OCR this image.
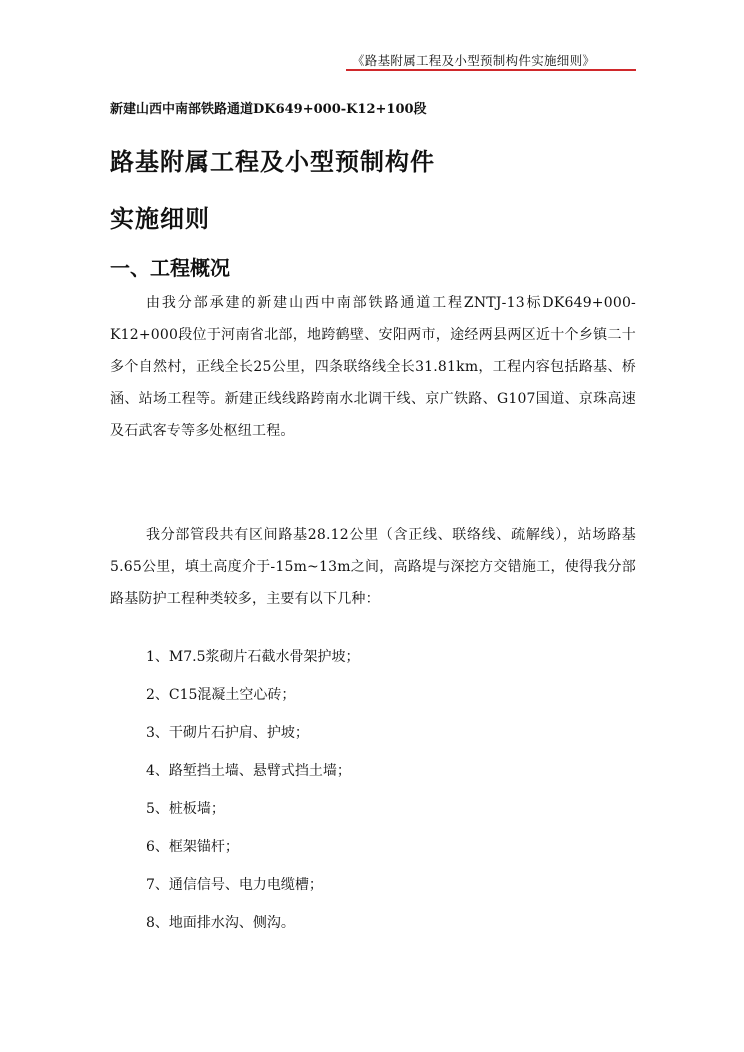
《路基附属工程及小型预制构件实施细则》
新建山西中南部铁路通道DK649+000-K12+100段
路基附属工程及小型预制构件
实施细则
一、工程概况

由我分部承建的新建山西中南部铁路通道工程ZNTJ-13标DK649+000-K12+000段位于河南省北部，地跨鹤壁、安阳两市，途经两县两区近十个乡镇二十多个自然村，正线全长25公里，四条联络线全长31.81km，工程内容包括路基、桥涵、站场工程等。新建正线线路跨南水北调干线、京广铁路、G107国道、京珠高速及石武客专等多处枢纽工程。

我分部管段共有区间路基28.12公里（含正线、联络线、疏解线），站场路基5.65公里，填土高度介于-15m~13m之间，高路堤与深挖方交错施工，使得我分部路基防护工程种类较多，主要有以下几种：

1、M7.5浆砌片石截水骨架护坡；
2、C15混凝土空心砖；
3、干砌片石护肩、护坡；
4、路堑挡土墙、悬臂式挡土墙；
5、桩板墙；
6、框架锚杆；
7、通信信号、电力电缆槽；
8、地面排水沟、侧沟。
